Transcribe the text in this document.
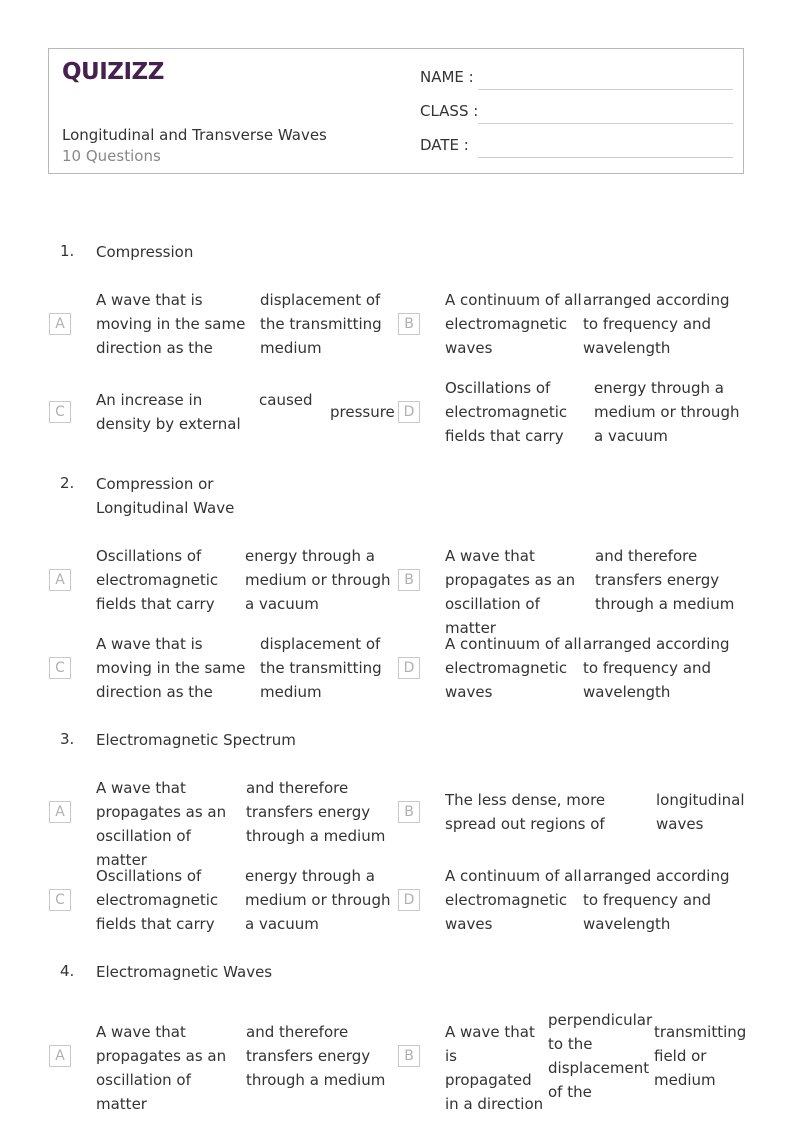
QUIZIZZ
Longitudinal and Transverse Waves
10 Questions
NAME :
CLASS :
DATE :
1. Compression
A
A wave that is moving in the same direction as the
displacement of the transmitting medium
B
A continuum of all electromagnetic waves
arranged according to frequency and wavelength
C
An increase in density by external
caused
pressure D
Oscillations of electromagnetic fields that carry
energy through a medium or through a vacuum
2. Compression or Longitudinal Wave
A
Oscillations of electromagnetic fields that carry
energy through a medium or through a vacuum
B
A wave that propagates as an oscillation of matter
and therefore transfers energy through a medium
C
A wave that is moving in the same direction as the
displacement of the transmitting medium
D
A continuum of all electromagnetic waves
arranged according to frequency and wavelength
3. Electromagnetic Spectrum
A
A wave that propagates as an oscillation of matter
and therefore transfers energy through a medium
B
The less dense, more spread out regions of
longitudinal waves
C
Oscillations of electromagnetic fields that carry
energy through a medium or through a vacuum
D
A continuum of all electromagnetic waves
arranged according to frequency and wavelength
4. Electromagnetic Waves
A
A wave that propagates as an oscillation of matter
and therefore transfers energy through a medium
B
A wave that is propagated in a direction
perpendicular to the displacement of the
transmitting field or medium
